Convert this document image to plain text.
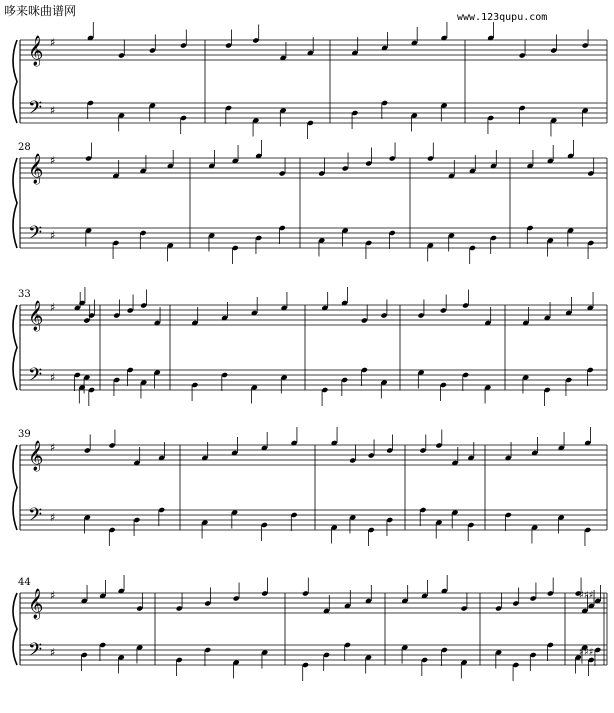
哆来咪曲谱网	www.123qupu.com
𝄞
𝄢
♯
♯
𝄞
𝄢
♯
♯
28
𝄞
𝄢
♯
♯
33
𝄞
𝄢
♯
♯
39
𝄞
𝄢
♯
♯
44
♯♯♯
♯♯♯
